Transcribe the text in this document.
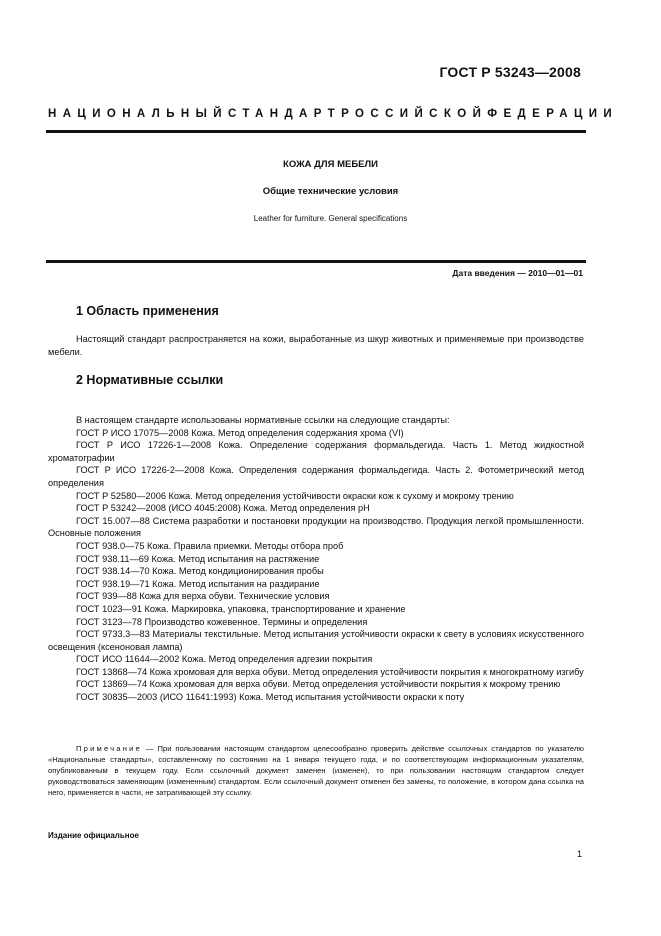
ГОСТ Р 53243—2008
НАЦИОНАЛЬНЫЙ СТАНДАРТ РОССИЙСКОЙ ФЕДЕРАЦИИ
КОЖА ДЛЯ МЕБЕЛИ
Общие технические условия
Leather for furniture. General specifications
Дата введения — 2010—01—01
1 Область применения
Настоящий стандарт распространяется на кожи, выработанные из шкур животных и применяемые при производстве мебели.
2 Нормативные ссылки
В настоящем стандарте использованы нормативные ссылки на следующие стандарты:
ГОСТ Р ИСО 17075—2008 Кожа. Метод определения содержания хрома (VI)
ГОСТ Р ИСО 17226-1—2008 Кожа. Определение содержания формальдегида. Часть 1. Метод жидкостной хроматографии
ГОСТ Р ИСО 17226-2—2008 Кожа. Определения содержания формальдегида. Часть 2. Фотометрический метод определения
ГОСТ Р 52580—2006 Кожа. Метод определения устойчивости окраски кож к сухому и мокрому трению
ГОСТ Р 53242—2008 (ИСО 4045:2008) Кожа. Метод определения pH
ГОСТ 15.007—88 Система разработки и постановки продукции на производство. Продукция легкой промышленности. Основные положения
ГОСТ 938.0—75 Кожа. Правила приемки. Методы отбора проб
ГОСТ 938.11—69 Кожа. Метод испытания на растяжение
ГОСТ 938.14—70 Кожа. Метод кондиционирования пробы
ГОСТ 938.19—71 Кожа. Метод испытания на раздирание
ГОСТ 939—88 Кожа для верха обуви. Технические условия
ГОСТ 1023—91 Кожа. Маркировка, упаковка, транспортирование и хранение
ГОСТ 3123—78 Производство кожевенное. Термины и определения
ГОСТ 9733.3—83 Материалы текстильные. Метод испытания устойчивости окраски к свету в условиях искусственного освещения (ксеноновая лампа)
ГОСТ ИСО 11644—2002 Кожа. Метод определения адгезии покрытия
ГОСТ 13868—74 Кожа хромовая для верха обуви. Метод определения устойчивости покрытия к многократному изгибу
ГОСТ 13869—74 Кожа хромовая для верха обуви. Метод определения устойчивости покрытия к мокрому трению
ГОСТ 30835—2003 (ИСО 11641:1993) Кожа. Метод испытания устойчивости окраски к поту
Примечание — При пользовании настоящим стандартом целесообразно проверить действие ссылочных стандартов по указателю «Национальные стандарты», составленному по состоянию на 1 января текущего года, и по соответствующим информационным указателям, опубликованным в текущем году. Если ссылочный документ заменен (изменен), то при пользовании настоящим стандартом следует руководствоваться заменяющим (измененным) стандартом. Если ссылочный документ отменен без замены, то положение, в котором дана ссылка на него, применяется в части, не затрагивающей эту ссылку.
Издание официальное
1
